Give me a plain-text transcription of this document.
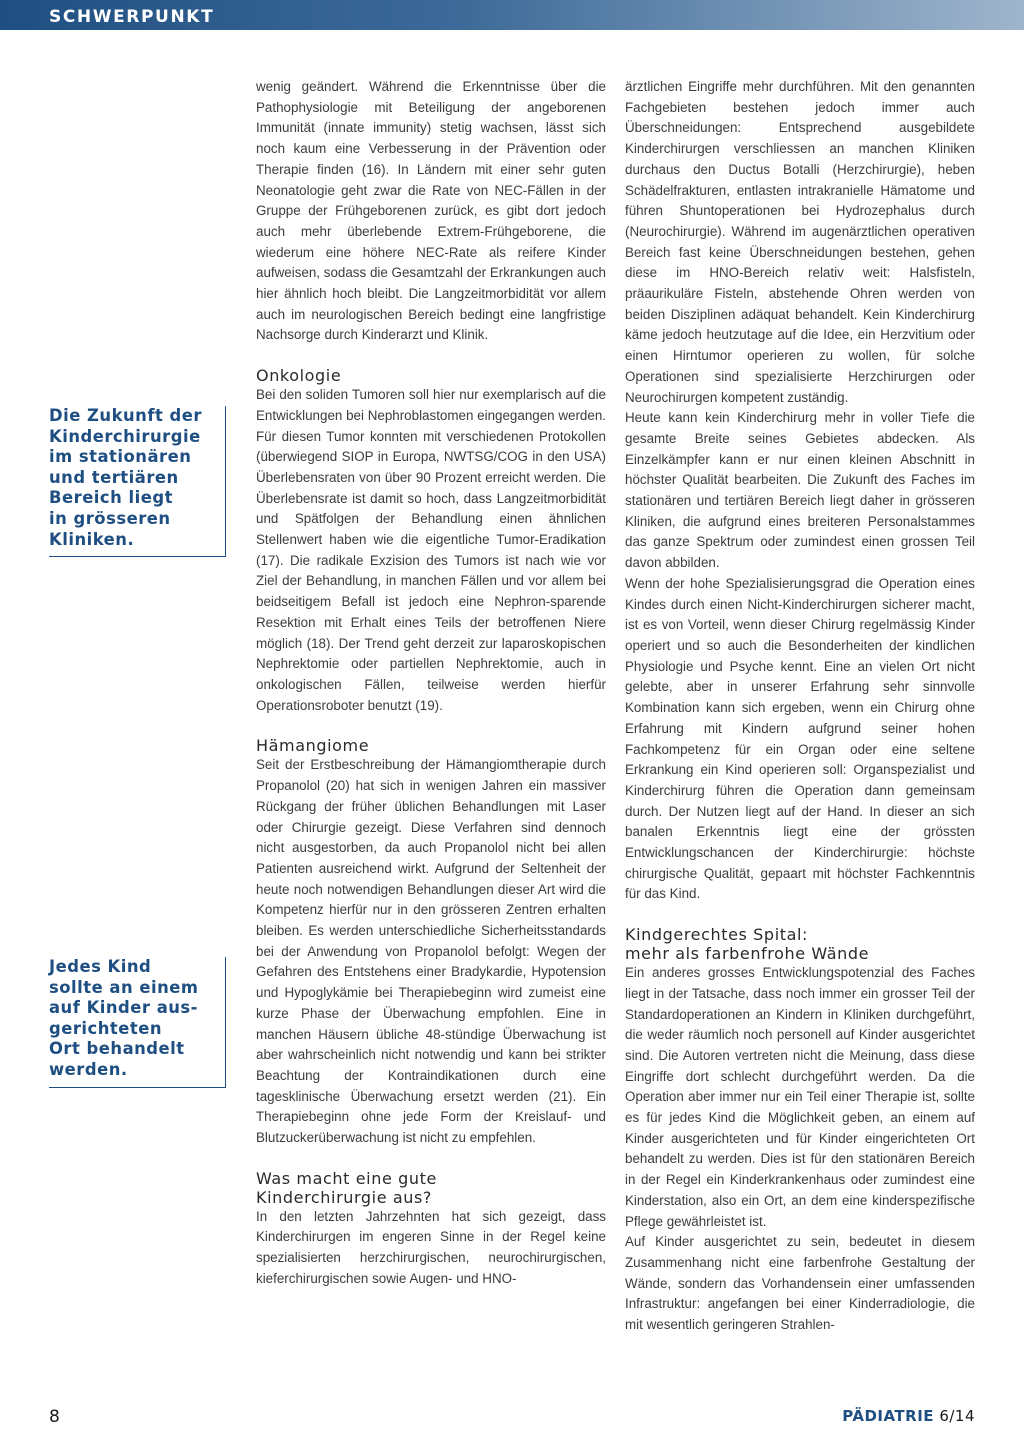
SCHWERPUNKT
Die Zukunft der
Kinderchirurgie
im stationären
und tertiären
Bereich liegt
in grösseren
Kliniken.
Jedes Kind
sollte an einem
auf Kinder aus-
gerichteten
Ort behandelt
werden.

wenig geändert. Während die Erkenntnisse über die Pathophysiologie mit Beteiligung der angeborenen Immunität (innate immunity) stetig wachsen, lässt sich noch kaum eine Verbesserung in der Prävention oder Therapie finden (16). In Ländern mit einer sehr guten Neonatologie geht zwar die Rate von NEC-Fällen in der Gruppe der Frühgeborenen zurück, es gibt dort jedoch auch mehr überlebende Extrem-Frühgeborene, die wiederum eine höhere NEC-Rate als reifere Kinder aufweisen, sodass die Gesamtzahl der Erkrankungen auch hier ähnlich hoch bleibt. Die Langzeitmorbidität vor allem auch im neurologischen Bereich bedingt eine langfristige Nachsorge durch Kinderarzt und Klinik.

Onkologie

Bei den soliden Tumoren soll hier nur exemplarisch auf die Entwicklungen bei Nephroblastomen eingegangen werden. Für diesen Tumor konnten mit verschiedenen Protokollen (überwiegend SIOP in Europa, NWTSG/COG in den USA) Überlebensraten von über 90 Prozent erreicht werden. Die Überlebensrate ist damit so hoch, dass Langzeitmorbidität und Spätfolgen der Behandlung einen ähnlichen Stellenwert haben wie die eigentliche Tumor-Eradikation (17). Die radikale Exzision des Tumors ist nach wie vor Ziel der Behandlung, in manchen Fällen und vor allem bei beidseitigem Befall ist jedoch eine Nephron-sparende Resektion mit Erhalt eines Teils der betroffenen Niere möglich (18). Der Trend geht derzeit zur laparoskopischen Nephrektomie oder partiellen Nephrektomie, auch in onkologischen Fällen, teilweise werden hierfür Operationsroboter benutzt (19).

Hämangiome

Seit der Erstbeschreibung der Hämangiomtherapie durch Propanolol (20) hat sich in wenigen Jahren ein massiver Rückgang der früher üblichen Behandlungen mit Laser oder Chirurgie gezeigt. Diese Verfahren sind dennoch nicht ausgestorben, da auch Propanolol nicht bei allen Patienten ausreichend wirkt. Aufgrund der Seltenheit der heute noch notwendigen Behandlungen dieser Art wird die Kompetenz hierfür nur in den grösseren Zentren erhalten bleiben. Es werden unterschiedliche Sicherheitsstandards bei der Anwendung von Propanolol befolgt: Wegen der Gefahren des Entstehens einer Bradykardie, Hypotension und Hypoglykämie bei Therapiebeginn wird zumeist eine kurze Phase der Überwachung empfohlen. Eine in manchen Häusern übliche 48-stündige Überwachung ist aber wahrscheinlich nicht notwendig und kann bei strikter Beachtung der Kontraindikationen durch eine tagesklinische Überwachung ersetzt werden (21). Ein Therapiebeginn ohne jede Form der Kreislauf- und Blutzuckerüberwachung ist nicht zu empfehlen.

Was macht eine gute
Kinderchirurgie aus?

In den letzten Jahrzehnten hat sich gezeigt, dass Kinderchirurgen im engeren Sinne in der Regel keine spezialisierten herzchirurgischen, neurochirurgischen, kieferchirurgischen sowie Augen- und HNO-

ärztlichen Eingriffe mehr durchführen. Mit den genannten Fachgebieten bestehen jedoch immer auch Überschneidungen: Entsprechend ausgebildete Kinderchirurgen verschliessen an manchen Kliniken durchaus den Ductus Botalli (Herzchirurgie), heben Schädelfrakturen, entlasten intrakranielle Hämatome und führen Shuntoperationen bei Hydrozephalus durch (Neurochirurgie). Während im augenärztlichen operativen Bereich fast keine Überschneidungen bestehen, gehen diese im HNO-Bereich relativ weit: Halsfisteln, präaurikuläre Fisteln, abstehende Ohren werden von beiden Disziplinen adäquat behandelt. Kein Kinderchirurg käme jedoch heutzutage auf die Idee, ein Herzvitium oder einen Hirntumor operieren zu wollen, für solche Operationen sind spezialisierte Herzchirurgen oder Neurochirurgen kompetent zuständig.

Heute kann kein Kinderchirurg mehr in voller Tiefe die gesamte Breite seines Gebietes abdecken. Als Einzelkämpfer kann er nur einen kleinen Abschnitt in höchster Qualität bearbeiten. Die Zukunft des Faches im stationären und tertiären Bereich liegt daher in grösseren Kliniken, die aufgrund eines breiteren Personalstammes das ganze Spektrum oder zumindest einen grossen Teil davon abbilden.

Wenn der hohe Spezialisierungsgrad die Operation eines Kindes durch einen Nicht-Kinderchirurgen sicherer macht, ist es von Vorteil, wenn dieser Chirurg regelmässig Kinder operiert und so auch die Besonderheiten der kindlichen Physiologie und Psyche kennt. Eine an vielen Ort nicht gelebte, aber in unserer Erfahrung sehr sinnvolle Kombination kann sich ergeben, wenn ein Chirurg ohne Erfahrung mit Kindern aufgrund seiner hohen Fachkompetenz für ein Organ oder eine seltene Erkrankung ein Kind operieren soll: Organspezialist und Kinderchirurg führen die Operation dann gemeinsam durch. Der Nutzen liegt auf der Hand. In dieser an sich banalen Erkenntnis liegt eine der grössten Entwicklungschancen der Kinderchirurgie: höchste chirurgische Qualität, gepaart mit höchster Fachkenntnis für das Kind.

Kindgerechtes Spital:
mehr als farbenfrohe Wände

Ein anderes grosses Entwicklungspotenzial des Faches liegt in der Tatsache, dass noch immer ein grosser Teil der Standardoperationen an Kindern in Kliniken durchgeführt, die weder räumlich noch personell auf Kinder ausgerichtet sind. Die Autoren vertreten nicht die Meinung, dass diese Eingriffe dort schlecht durchgeführt werden. Da die Operation aber immer nur ein Teil einer Therapie ist, sollte es für jedes Kind die Möglichkeit geben, an einem auf Kinder ausgerichteten und für Kinder eingerichteten Ort behandelt zu werden. Dies ist für den stationären Bereich in der Regel ein Kinderkrankenhaus oder zumindest eine Kinderstation, also ein Ort, an dem eine kinderspezifische Pflege gewährleistet ist.

Auf Kinder ausgerichtet zu sein, bedeutet in diesem Zusammenhang nicht eine farbenfrohe Gestaltung der Wände, sondern das Vorhandensein einer umfassenden Infrastruktur: angefangen bei einer Kinderradiologie, die mit wesentlich geringeren Strahlen-

8	PÄDIATRIE 6/14
